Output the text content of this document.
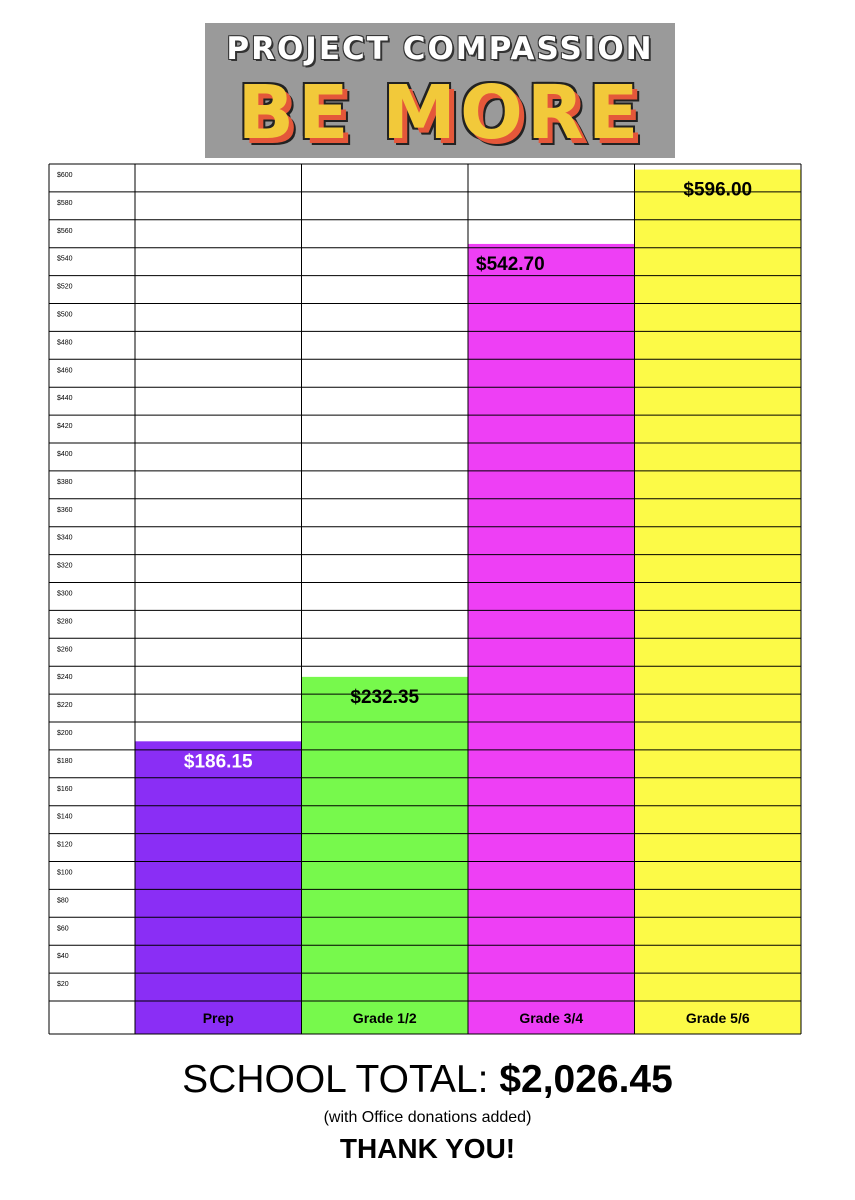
PROJECT COMPASSION
BE MORE
Prep	Grade 1/2	Grade 3/4	Grade 5/6
$20
$40
$60
$80
$100
$120
$140
$160
$180
$200
$220
$240
$260
$280
$300
$320
$340
$360
$380
$400
$420
$440
$460
$480
$500
$520
$540
$560
$580
$600
$186.15
$232.35
$542.70
$596.00
SCHOOL TOTAL: $2,026.45
(with Office donations added)
THANK YOU!
